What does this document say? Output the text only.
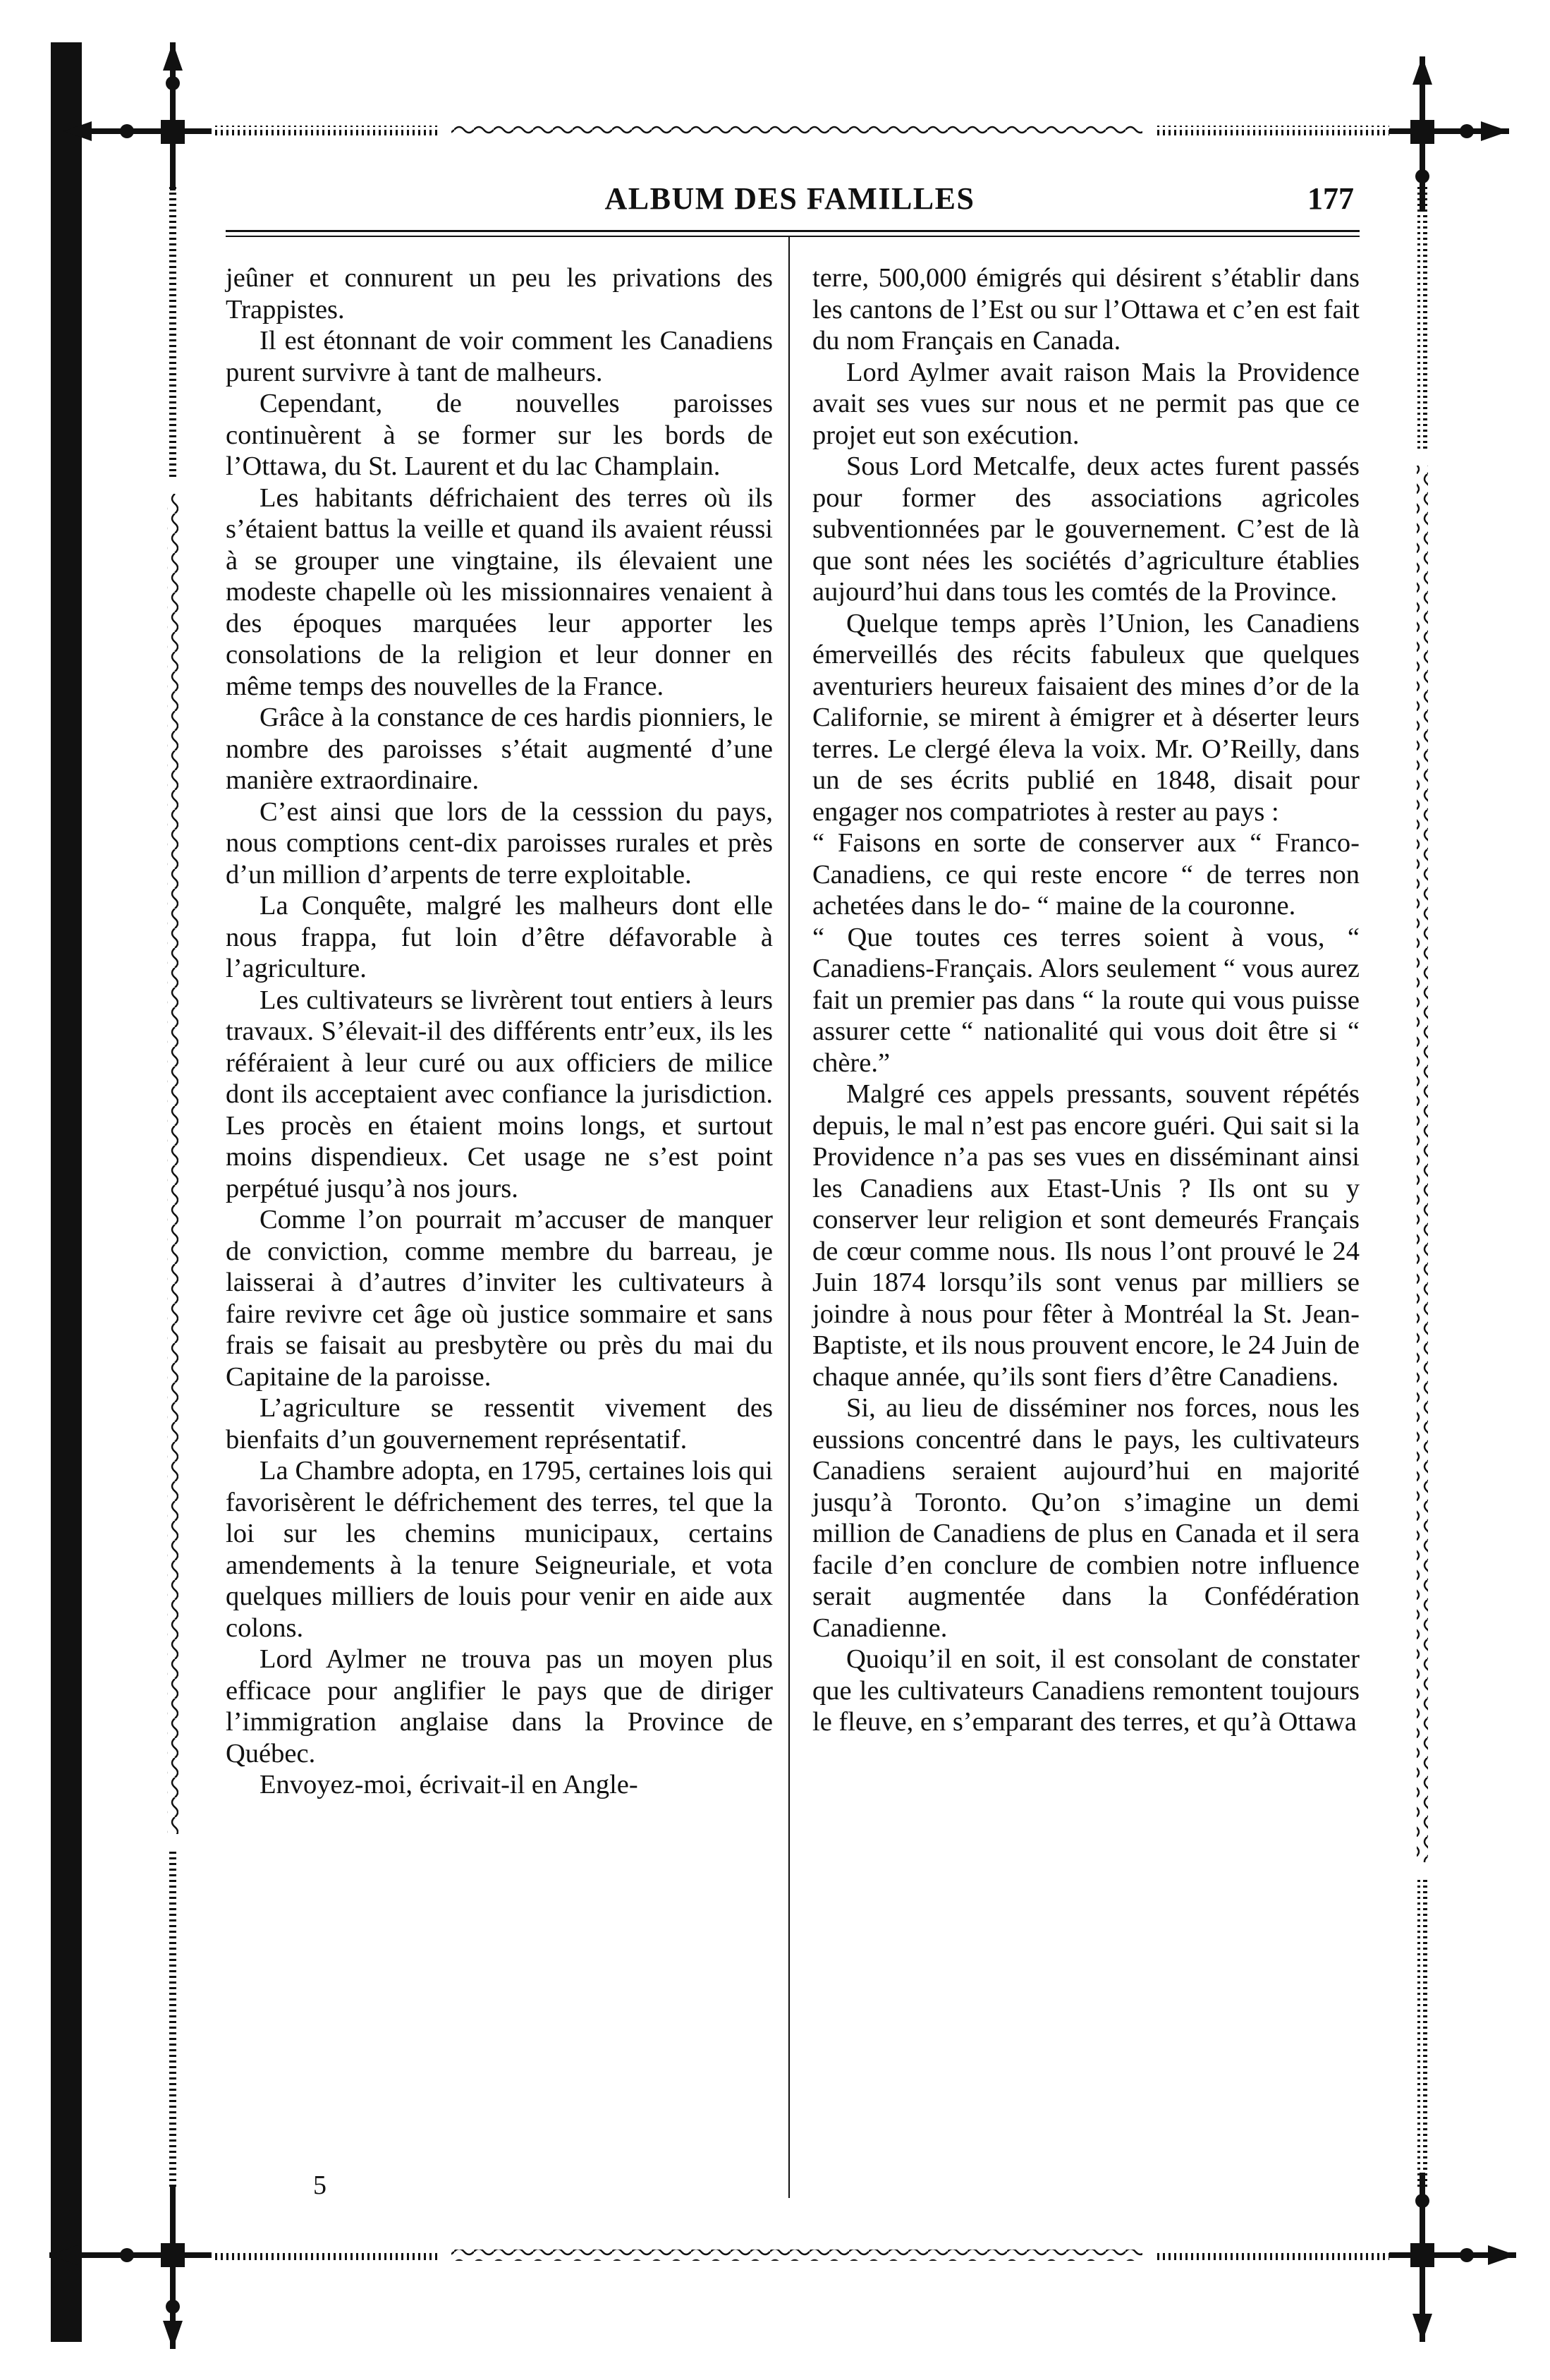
ALBUM DES FAMILLES	177

jeûner et connurent un peu les privations des Trappistes.

Il est étonnant de voir comment les Canadiens purent survivre à tant de malheurs.

Cependant, de nouvelles paroisses continuèrent à se former sur les bords de l’Ottawa, du St. Laurent et du lac Champlain.

Les habitants défrichaient des terres où ils s’étaient battus la veille et quand ils avaient réussi à se grouper une vingtaine, ils élevaient une modeste chapelle où les missionnaires venaient à des époques marquées leur apporter les consolations de la religion et leur donner en même temps des nouvelles de la France.

Grâce à la constance de ces hardis pionniers, le nombre des paroisses s’était augmenté d’une manière extraordinaire.

C’est ainsi que lors de la cesssion du pays, nous comptions cent-dix paroisses rurales et près d’un million d’arpents de terre exploitable.

La Conquête, malgré les malheurs dont elle nous frappa, fut loin d’être défavorable à l’agriculture.

Les cultivateurs se livrèrent tout entiers à leurs travaux. S’élevait-il des différents entr’eux, ils les référaient à leur curé ou aux officiers de milice dont ils acceptaient avec confiance la jurisdiction. Les procès en étaient moins longs, et surtout moins dispendieux. Cet usage ne s’est point perpétué jusqu’à nos jours.

Comme l’on pourrait m’accuser de manquer de conviction, comme membre du barreau, je laisserai à d’autres d’inviter les cultivateurs à faire revivre cet âge où justice sommaire et sans frais se faisait au presbytère ou près du mai du Capitaine de la paroisse.

L’agriculture se ressentit vivement des bienfaits d’un gouvernement représentatif.

La Chambre adopta, en 1795, certaines lois qui favorisèrent le défrichement des terres, tel que la loi sur les chemins municipaux, certains amendements à la tenure Seigneuriale, et vota quelques milliers de louis pour venir en aide aux colons.

Lord Aylmer ne trouva pas un moyen plus efficace pour anglifier le pays que de diriger l’immigration anglaise dans la Province de Québec.

Envoyez-moi, écrivait-il en Angle-

terre, 500,000 émigrés qui désirent s’établir dans les cantons de l’Est ou sur l’Ottawa et c’en est fait du nom Français en Canada.

Lord Aylmer avait raison Mais la Providence avait ses vues sur nous et ne permit pas que ce projet eut son exécution.

Sous Lord Metcalfe, deux actes furent passés pour former des associations agricoles subventionnées par le gouvernement. C’est de là que sont nées les sociétés d’agriculture établies aujourd’hui dans tous les comtés de la Province.

Quelque temps après l’Union, les Canadiens émerveillés des récits fabuleux que quelques aventuriers heureux faisaient des mines d’or de la Californie, se mirent à émigrer et à déserter leurs terres. Le clergé éleva la voix. Mr. O’Reilly, dans un de ses écrits publié en 1848, disait pour engager nos compatriotes à rester au pays :

“ Faisons en sorte de conserver aux “ Franco-Canadiens, ce qui reste encore “ de terres non achetées dans le do- “ maine de la couronne.

“ Que toutes ces terres soient à vous, “ Canadiens-Français. Alors seulement “ vous aurez fait un premier pas dans “ la route qui vous puisse assurer cette “ nationalité qui vous doit être si “ chère.”

Malgré ces appels pressants, souvent répétés depuis, le mal n’est pas encore guéri. Qui sait si la Providence n’a pas ses vues en disséminant ainsi les Canadiens aux Etast-Unis ? Ils ont su y conserver leur religion et sont demeurés Français de cœur comme nous. Ils nous l’ont prouvé le 24 Juin 1874 lorsqu’ils sont venus par milliers se joindre à nous pour fêter à Montréal la St. Jean-Baptiste, et ils nous prouvent encore, le 24 Juin de chaque année, qu’ils sont fiers d’être Canadiens.

Si, au lieu de disséminer nos forces, nous les eussions concentré dans le pays, les cultivateurs Canadiens seraient aujourd’hui en majorité jusqu’à Toronto. Qu’on s’imagine un demi million de Canadiens de plus en Canada et il sera facile d’en conclure de combien notre influence serait augmentée dans la Confédération Canadienne.

Quoiqu’il en soit, il est consolant de constater que les cultivateurs Canadiens remontent toujours le fleuve, en s’emparant des terres, et qu’à Ottawa

5
